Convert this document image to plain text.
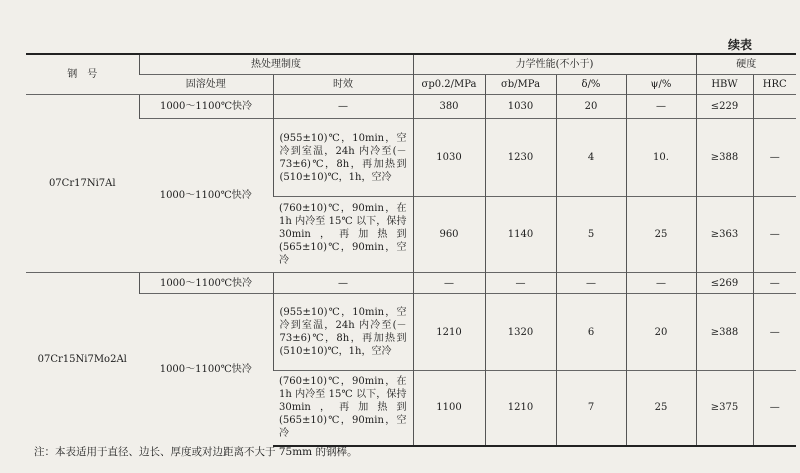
续表
钢　号	热处理制度		力学性能(不小于)				硬度	
	固溶处理	时效	σp0.2/MPa	σb/MPa	δ/%	ψ/%	HBW	HRC
07Cr17Ni7Al	1000～1100℃快冷	—	380	1030	20	—	≤229	
	1000～1100℃快冷	(955±10)℃，10min，空冷到室温，24h 内冷至(－73±6)℃，8h，再加热到(510±10)℃，1h，空冷	1030	1230	4	10.	≥388	—
		(760±10)℃，90min，在 1h 内冷至 15℃ 以下，保持 30min，再加热到(565±10)℃，90min，空冷	960	1140	5	25	≥363	—
07Cr15Ni7Mo2Al	1000～1100℃快冷	—	—	—	—	—	≤269	—
	1000～1100℃快冷	(955±10)℃，10min，空冷到室温，24h 内冷至(－73±6)℃，8h，再加热到(510±10)℃，1h，空冷	1210	1320	6	20	≥388	—
		(760±10)℃，90min，在 1h 内冷至 15℃ 以下，保持 30min，再加热到(565±10)℃，90min，空冷	1100	1210	7	25	≥375	—
注：本表适用于直径、边长、厚度或对边距离不大于 75mm 的钢棒。
